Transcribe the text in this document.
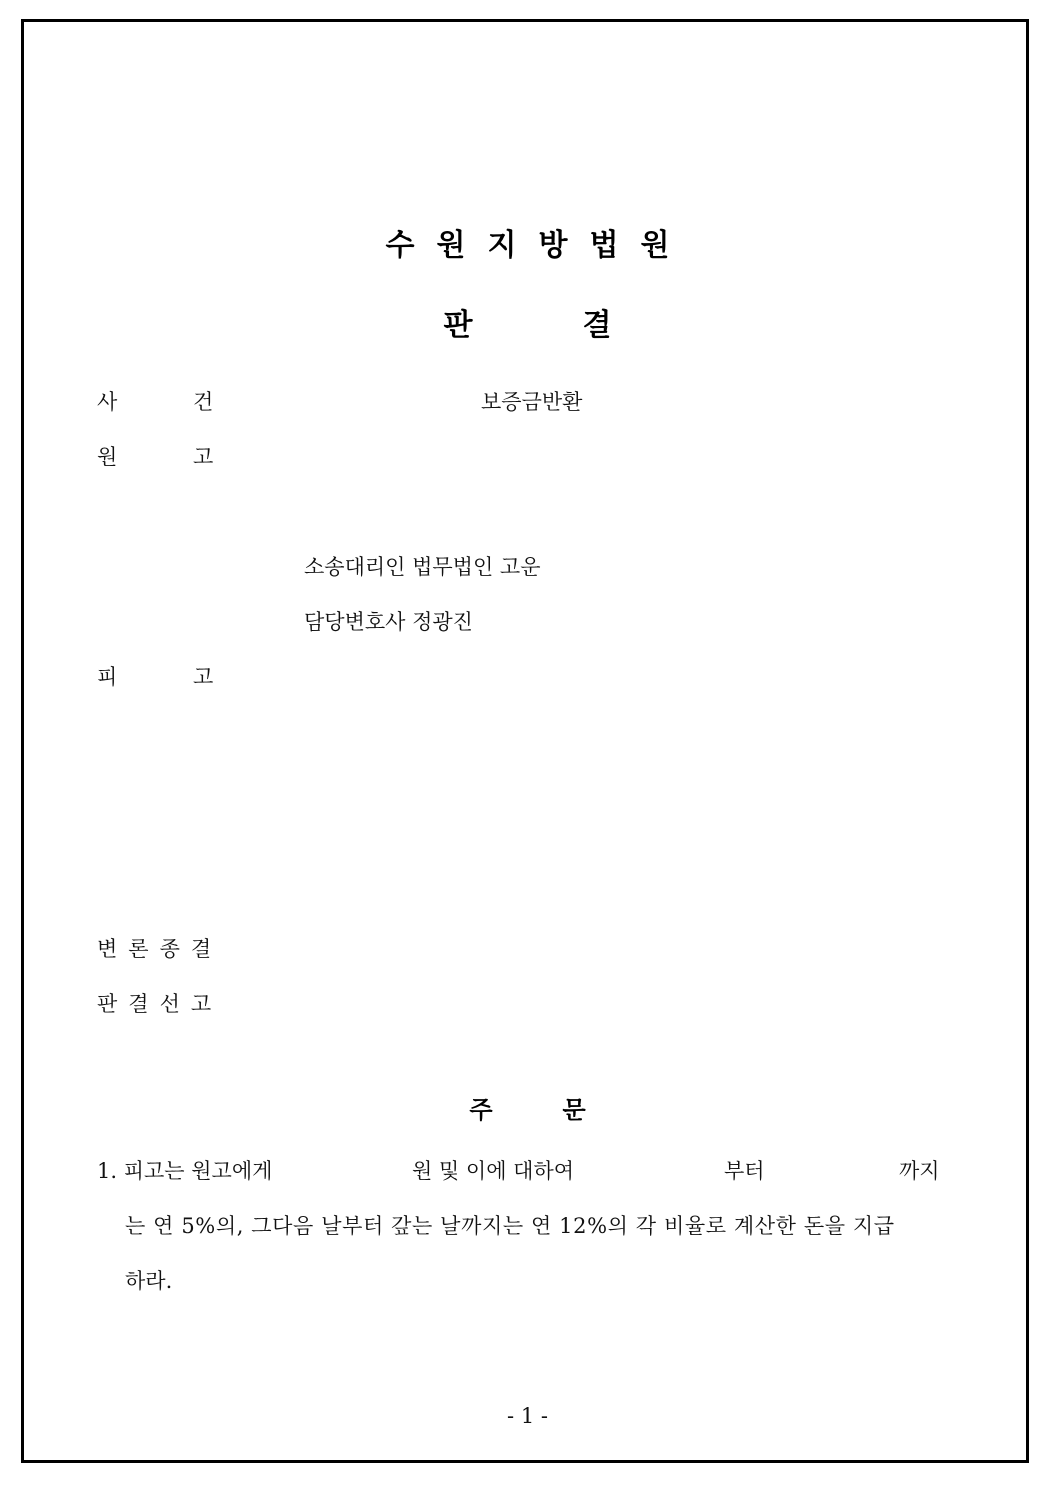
수원지방법원
판	결
사	건	보증금반환
원	고
소송대리인 법무법인 고운
담당변호사 정광진
피	고
변론종결
판결선고
주	문
1. 피고는 원고에게	원 및 이에 대하여	부터	까지
는 연 5%의, 그다음 날부터 갚는 날까지는 연 12%의 각 비율로 계산한 돈을 지급
하라.
- 1 -
